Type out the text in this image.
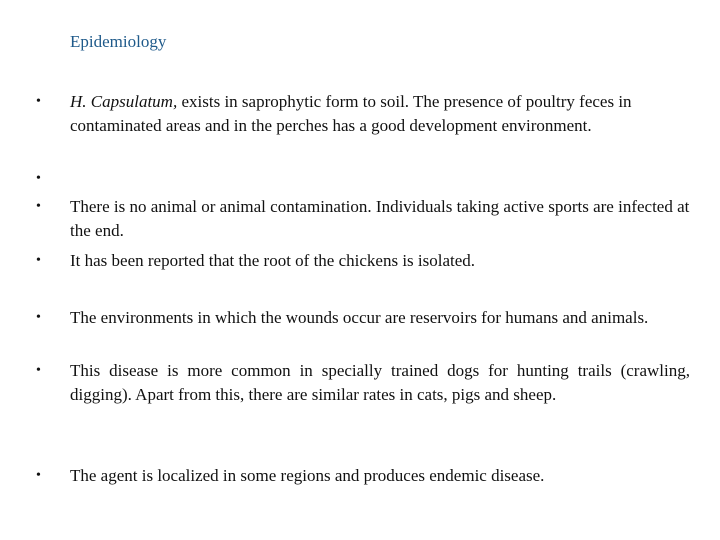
Epidemiology
• H. Capsulatum, exists in saprophytic form to soil. The presence of poultry feces in contaminated areas and in the perches has a good development environment.
•
• There is no animal or animal contamination. Individuals taking active sports are infected at the end.
• It has been reported that the root of the chickens is isolated.
• The environments in which the wounds occur are reservoirs for humans and animals.
• This disease is more common in specially trained dogs for hunting trails (crawling, digging). Apart from this, there are similar rates in cats, pigs and sheep.
• The agent is localized in some regions and produces endemic disease.
